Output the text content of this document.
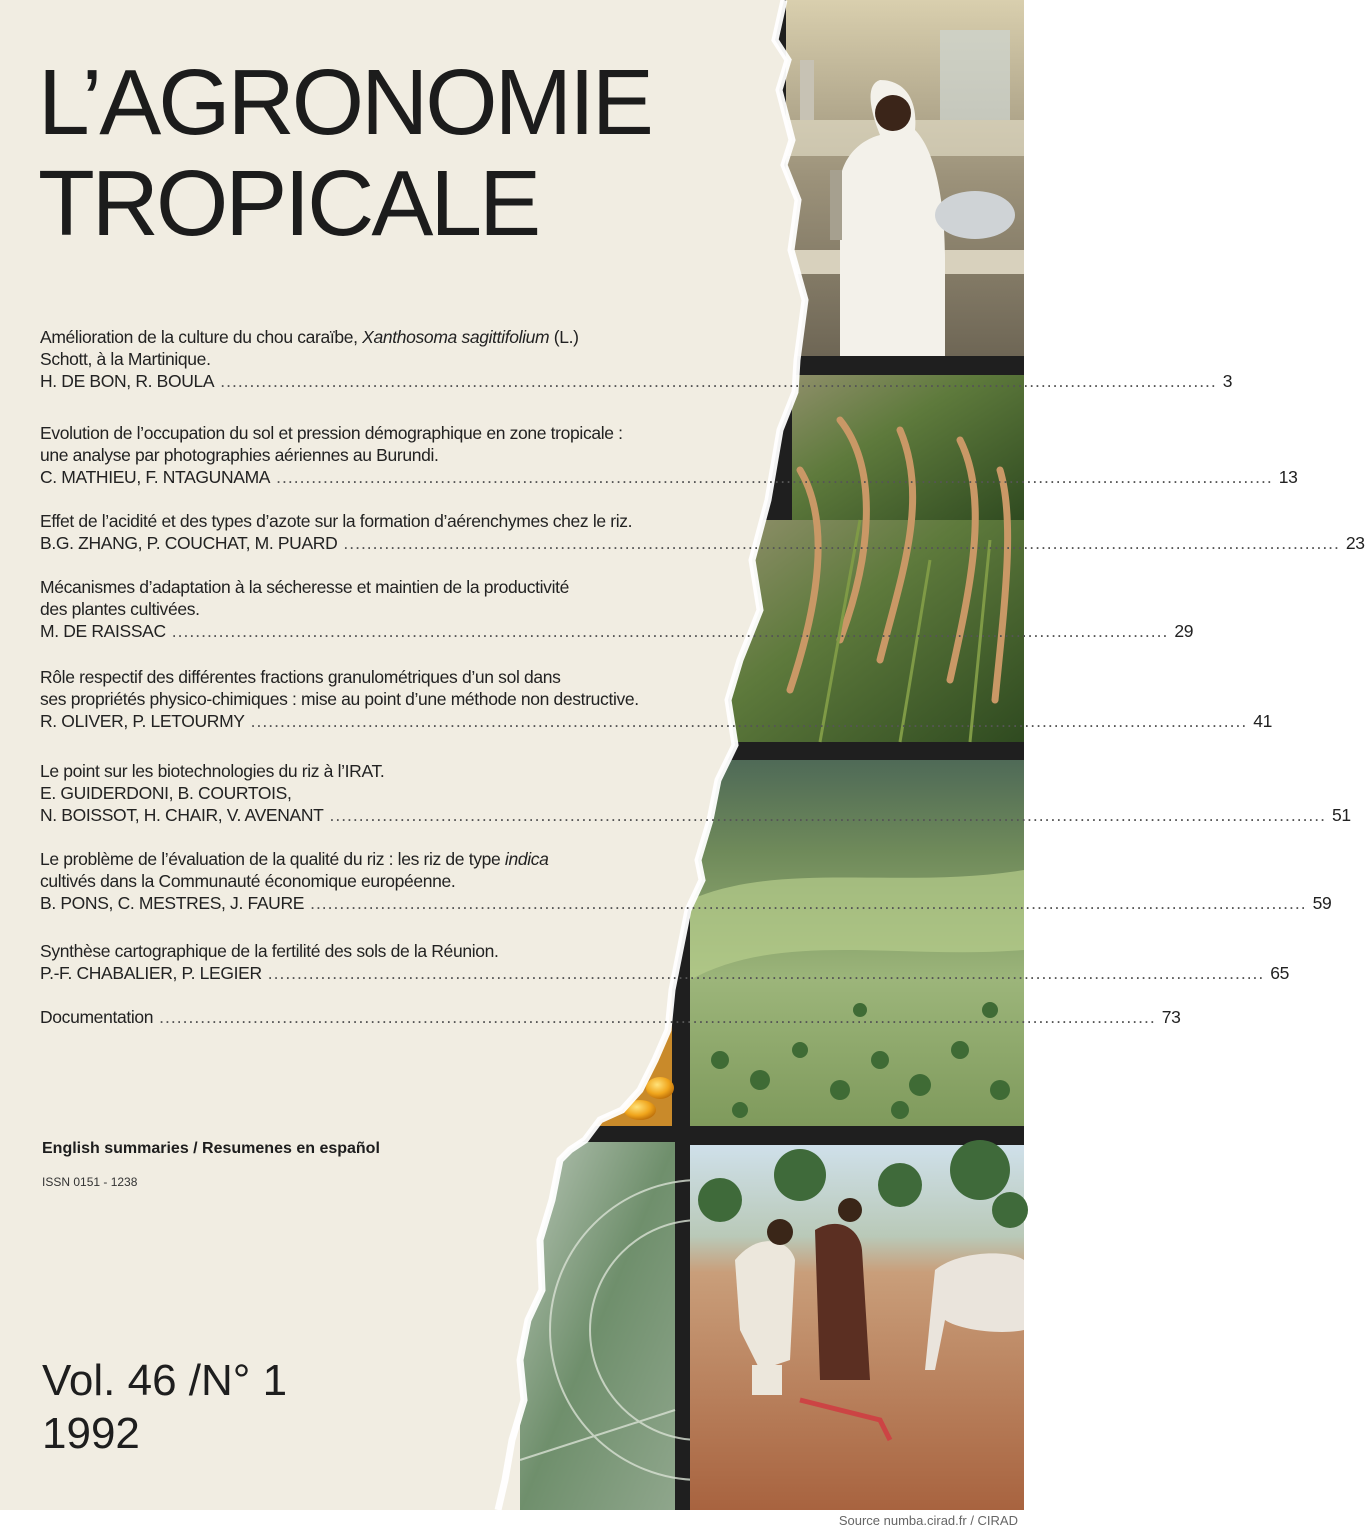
L’AGRONOMIE
TROPICALE
Amélioration de la culture du chou caraïbe, Xanthosoma sagittifolium (L.)
Schott, à la Martinique.
H. DE BON, R. BOULA .......................................................................................................................................................................... 3
Evolution de l’occupation du sol et pression démographique en zone tropicale :
une analyse par photographies aériennes au Burundi.
C. MATHIEU, F. NTAGUNAMA .......................................................................................................................................................................... 13
Effet de l’acidité et des types d’azote sur la formation d’aérenchymes chez le riz.
B.G. ZHANG, P. COUCHAT, M. PUARD .......................................................................................................................................................................... 23
Mécanismes d’adaptation à la sécheresse et maintien de la productivité
des plantes cultivées.
M. DE RAISSAC .......................................................................................................................................................................... 29
Rôle respectif des différentes fractions granulométriques d’un sol dans
ses propriétés physico-chimiques : mise au point d’une méthode non destructive.
R. OLIVER, P. LETOURMY .......................................................................................................................................................................... 41
Le point sur les biotechnologies du riz à l’IRAT.
E. GUIDERDONI, B. COURTOIS,
N. BOISSOT, H. CHAIR, V. AVENANT .......................................................................................................................................................................... 51
Le problème de l’évaluation de la qualité du riz : les riz de type indica
cultivés dans la Communauté économique européenne.
B. PONS, C. MESTRES, J. FAURE .......................................................................................................................................................................... 59
Synthèse cartographique de la fertilité des sols de la Réunion.
P.-F. CHABALIER, P. LEGIER .......................................................................................................................................................................... 65
Documentation .......................................................................................................................................................................... 73
English summaries / Resumenes en español
ISSN 0151 - 1238
Vol. 46 /N° 1
1992
Source numba.cirad.fr / CIRAD
